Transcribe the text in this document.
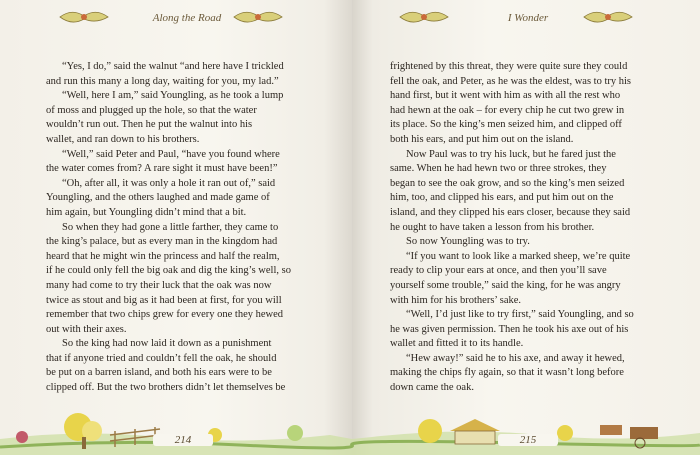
Along the Road
“Yes, I do,” said the walnut “and here have I trickled
and run this many a long day, waiting for you, my lad.”
“Well, here I am,” said Youngling, as he took a lump
of moss and plugged up the hole, so that the water
wouldn’t run out. Then he put the walnut into his
wallet, and ran down to his brothers.
“Well,” said Peter and Paul, “have you found where
the water comes from? A rare sight it must have been!”
“Oh, after all, it was only a hole it ran out of,” said
Youngling, and the others laughed and made game of
him again, but Youngling didn’t mind that a bit.
So when they had gone a little farther, they came to
the king’s palace, but as every man in the kingdom had
heard that he might win the princess and half the realm,
if he could only fell the big oak and dig the king’s well, so
many had come to try their luck that the oak was now
twice as stout and big as it had been at first, for you will
remember that two chips grew for every one they hewed
out with their axes.
So the king had now laid it down as a punishment
that if anyone tried and couldn’t fell the oak, he should
be put on a barren island, and both his ears were to be
clipped off. But the two brothers didn’t let themselves be
214
I Wonder
frightened by this threat, they were quite sure they could
fell the oak, and Peter, as he was the eldest, was to try his
hand first, but it went with him as with all the rest who
had hewn at the oak – for every chip he cut two grew in
its place. So the king’s men seized him, and clipped off
both his ears, and put him out on the island.
Now Paul was to try his luck, but he fared just the
same. When he had hewn two or three strokes, they
began to see the oak grow, and so the king’s men seized
him, too, and clipped his ears, and put him out on the
island, and they clipped his ears closer, because they said
he ought to have taken a lesson from his brother.
So now Youngling was to try.
“If you want to look like a marked sheep, we’re quite
ready to clip your ears at once, and then you’ll save
yourself some trouble,” said the king, for he was angry
with him for his brothers’ sake.
“Well, I’d just like to try first,” said Youngling, and so
he was given permission. Then he took his axe out of his
wallet and fitted it to its handle.
“Hew away!” said he to his axe, and away it hewed,
making the chips fly again, so that it wasn’t long before
down came the oak.
215
